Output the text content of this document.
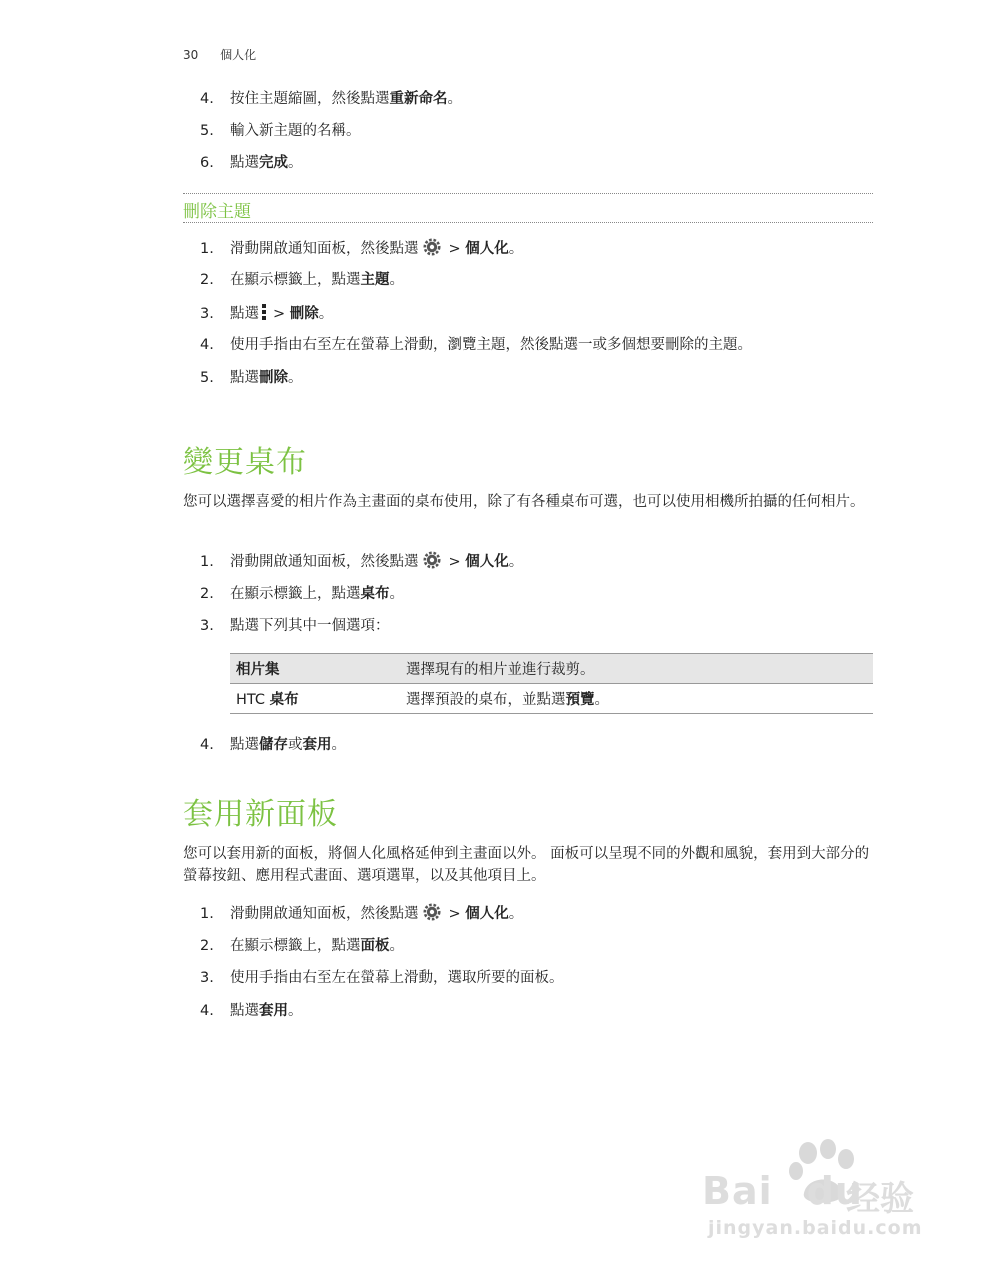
30 個人化
4. 按住主題縮圖，然後點選重新命名。
5. 輸入新主題的名稱。
6. 點選完成。
刪除主題
1. 滑動開啟通知面板，然後點選 > 個人化。
2. 在顯示標籤上，點選主題。
3. 點選 > 刪除。
4. 使用手指由右至左在螢幕上滑動，瀏覽主題，然後點選一或多個想要刪除的主題。
5. 點選刪除。
變更桌布
您可以選擇喜愛的相片作為主畫面的桌布使用，除了有各種桌布可選，也可以使用相機所拍攝的任何相片。
1. 滑動開啟通知面板，然後點選 > 個人化。
2. 在顯示標籤上，點選桌布。
3. 點選下列其中一個選項：
相片集	選擇現有的相片並進行裁剪。
HTC 桌布	選擇預設的桌布，並點選預覽。
4. 點選儲存或套用。
套用新面板
您可以套用新的面板，將個人化風格延伸到主畫面以外。 面板可以呈現不同的外觀和風貌，套用到大部分的螢幕按鈕、應用程式畫面、選項選單，以及其他項目上。
1. 滑動開啟通知面板，然後點選 > 個人化。
2. 在顯示標籤上，點選面板。
3. 使用手指由右至左在螢幕上滑動，選取所要的面板。
4. 點選套用。
Bai du
经验
jingyan.baidu.com
